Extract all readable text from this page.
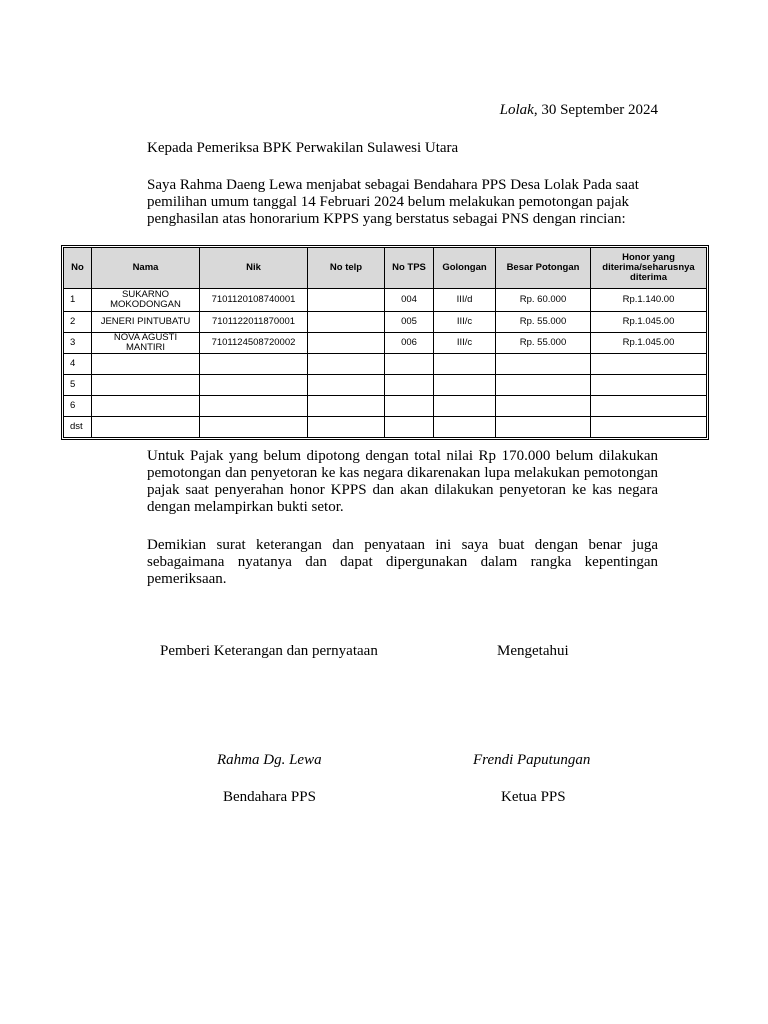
Lolak, 30 September 2024
Kepada Pemeriksa BPK Perwakilan Sulawesi Utara
Saya Rahma Daeng Lewa menjabat sebagai Bendahara PPS Desa Lolak Pada saat pemilihan umum tanggal 14 Februari 2024 belum melakukan pemotongan pajak penghasilan atas honorarium KPPS yang berstatus sebagai PNS dengan rincian:
No	Nama	Nik	No telp	No TPS	Golongan	Besar Potongan	Honor yang diterima/seharusnya diterima
1	SUKARNO MOKODONGAN	7101120108740001		004	III/d	Rp. 60.000	Rp.1.140.00
2	JENERI PINTUBATU	7101122011870001		005	III/c	Rp. 55.000	Rp.1.045.00
3	NOVA AGUSTI MANTIRI	7101124508720002		006	III/c	Rp. 55.000	Rp.1.045.00
4							
5							
6							
dst							
Untuk Pajak yang belum dipotong dengan total nilai Rp 170.000 belum dilakukan pemotongan dan penyetoran ke kas negara dikarenakan lupa melakukan pemotongan pajak saat penyerahan honor KPPS dan akan dilakukan penyetoran ke kas negara dengan melampirkan bukti setor.
Demikian surat keterangan dan penyataan ini saya buat dengan benar juga sebagaimana nyatanya dan dapat dipergunakan dalam rangka kepentingan pemeriksaan.
Pemberi Keterangan dan pernyataan	Mengetahui
Rahma Dg. Lewa	Frendi Paputungan
Bendahara PPS	Ketua PPS
